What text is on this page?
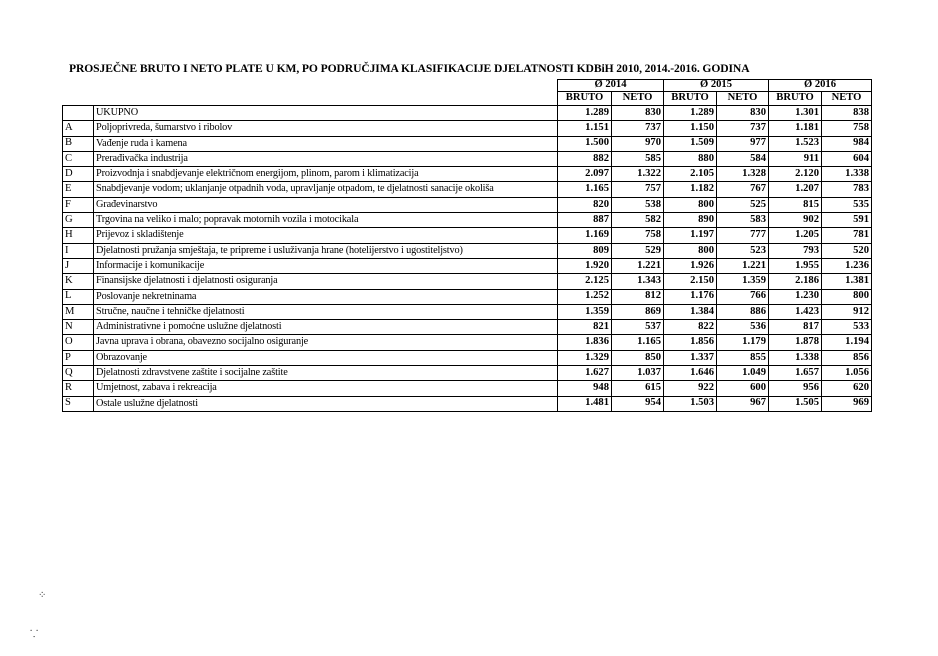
PROSJEČNE BRUTO I NETO PLATE U KM, PO PODRUČJIMA KLASIFIKACIJE DJELATNOSTI KDBiH 2010, 2014.-2016. GODINA
		Ø 2014		Ø 2015		Ø 2016	
		BRUTO	NETO	BRUTO	NETO	BRUTO	NETO
	UKUPNO	1.289	830	1.289	830	1.301	838
A	Poljoprivreda, šumarstvo i ribolov	1.151	737	1.150	737	1.181	758
B	Vađenje ruda i kamena	1.500	970	1.509	977	1.523	984
C	Prerađivačka industrija	882	585	880	584	911	604
D	Proizvodnja i snabdjevanje električnom energijom, plinom, parom i klimatizacija	2.097	1.322	2.105	1.328	2.120	1.338
E	Snabdjevanje vodom; uklanjanje otpadnih voda, upravljanje otpadom, te djelatnosti sanacije okoliša	1.165	757	1.182	767	1.207	783
F	Građevinarstvo	820	538	800	525	815	535
G	Trgovina na veliko i malo; popravak motornih vozila i motocikala	887	582	890	583	902	591
H	Prijevoz i skladištenje	1.169	758	1.197	777	1.205	781
I	Djelatnosti pružanja smještaja, te pripreme i usluživanja hrane (hotelijerstvo i ugostiteljstvo)	809	529	800	523	793	520
J	Informacije i komunikacije	1.920	1.221	1.926	1.221	1.955	1.236
K	Finansijske djelatnosti i djelatnosti osiguranja	2.125	1.343	2.150	1.359	2.186	1.381
L	Poslovanje nekretninama	1.252	812	1.176	766	1.230	800
M	Stručne, naučne i tehničke djelatnosti	1.359	869	1.384	886	1.423	912
N	Administrativne i pomoćne uslužne djelatnosti	821	537	822	536	817	533
O	Javna uprava i obrana, obavezno socijalno osiguranje	1.836	1.165	1.856	1.179	1.878	1.194
P	Obrazovanje	1.329	850	1.337	855	1.338	856
Q	Djelatnosti zdravstvene zaštite i socijalne zaštite	1.627	1.037	1.646	1.049	1.657	1.056
R	Umjetnost, zabava i rekreacija	948	615	922	600	956	620
S	Ostale uslužne djelatnosti	1.481	954	1.503	967	1.505	969
⁘
⸪
